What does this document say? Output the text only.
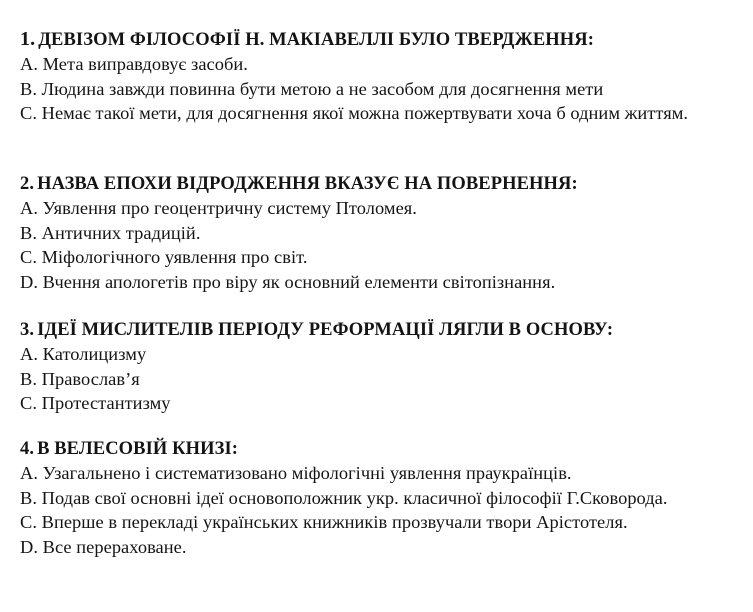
1. ДЕВІЗОМ ФІЛОСОФІЇ Н. МАКІАВЕЛЛІ БУЛО ТВЕРДЖЕННЯ:
A. Мета виправдовує засоби.
B. Людина завжди повинна бути метою а не засобом для досягнення мети
C. Немає такої мети, для досягнення якої можна пожертвувати хоча б одним життям.
2. НАЗВА ЕПОХИ ВІДРОДЖЕННЯ ВКАЗУЄ НА ПОВЕРНЕННЯ:
A. Уявлення про геоцентричну систему Птоломея.
B. Античних традицій.
C. Міфологічного уявлення про світ.
D. Вчення апологетів про віру як основний елементи світопізнання.
3. ІДЕЇ МИСЛИТЕЛІВ ПЕРІОДУ РЕФОРМАЦІЇ ЛЯГЛИ В ОСНОВУ:
A. Католицизму
B. Православ’я
C. Протестантизму
4. В ВЕЛЕСОВІЙ КНИЗІ:
A. Узагальнено і систематизовано міфологічні уявлення праукраїнців.
B. Подав свої основні ідеї основоположник укр. класичної філософії Г.Сковорода.
C. Вперше в перекладі українських книжників прозвучали твори Арістотеля.
D. Все перераховане.
